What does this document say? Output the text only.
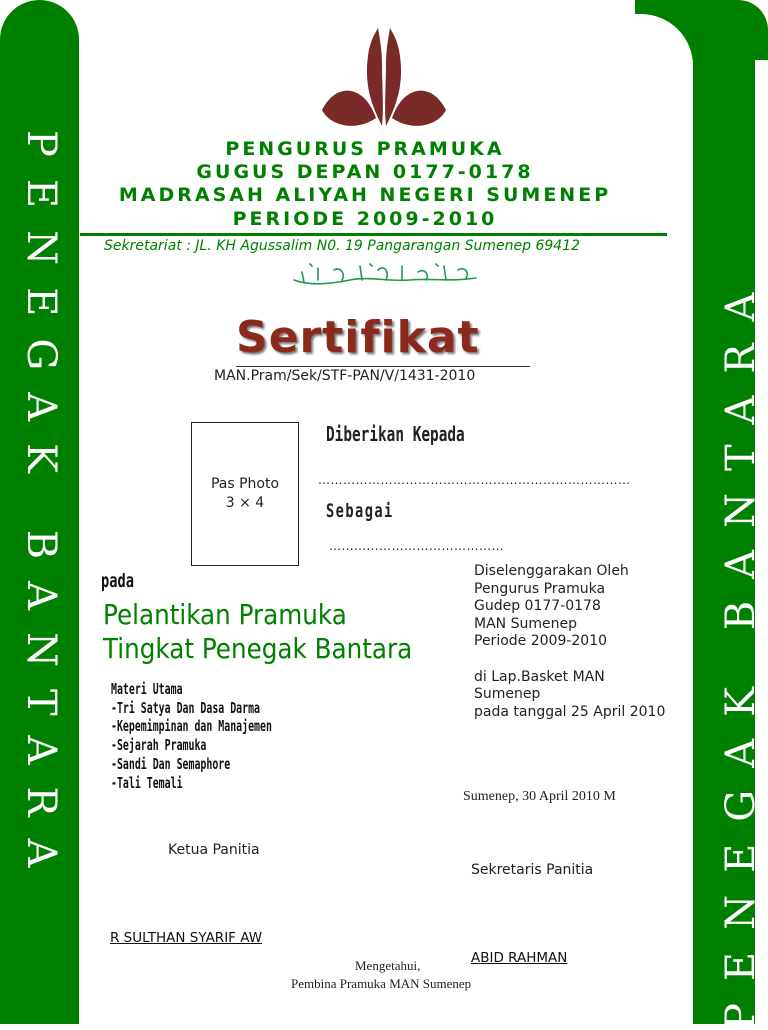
PENEGAK BANTARA	PENEGAK BANTARA
PENGURUS PRAMUKA
GUGUS DEPAN 0177-0178
MADRASAH ALIYAH NEGERI SUMENEP
PERIODE 2009-2010
Sekretariat : JL. KH Agussalim N0. 19 Pangarangan Sumenep 69412
Sertifikat
MAN.Pram/Sek/STF-PAN/V/1431-2010
Pas Photo
3 × 4
Diberikan Kepada
…………………………………………………………………
Sebagai
……………………………………
pada
Pelantikan Pramuka
Tingkat Penegak Bantara
Materi Utama
-Tri Satya Dan Dasa Darma
-Kepemimpinan dan Manajemen
-Sejarah Pramuka
-Sandi Dan Semaphore
-Tali Temali
Diselenggarakan Oleh
Pengurus Pramuka
Gudep 0177-0178
MAN Sumenep
Periode 2009-2010
di Lap.Basket MAN
Sumenep
pada tanggal 25 April 2010
Sumenep, 30 April 2010 M
Ketua Panitia
Sekretaris Panitia
R SULTHAN SYARIF AW
ABID RAHMAN
Mengetahui,
Pembina Pramuka MAN Sumenep
